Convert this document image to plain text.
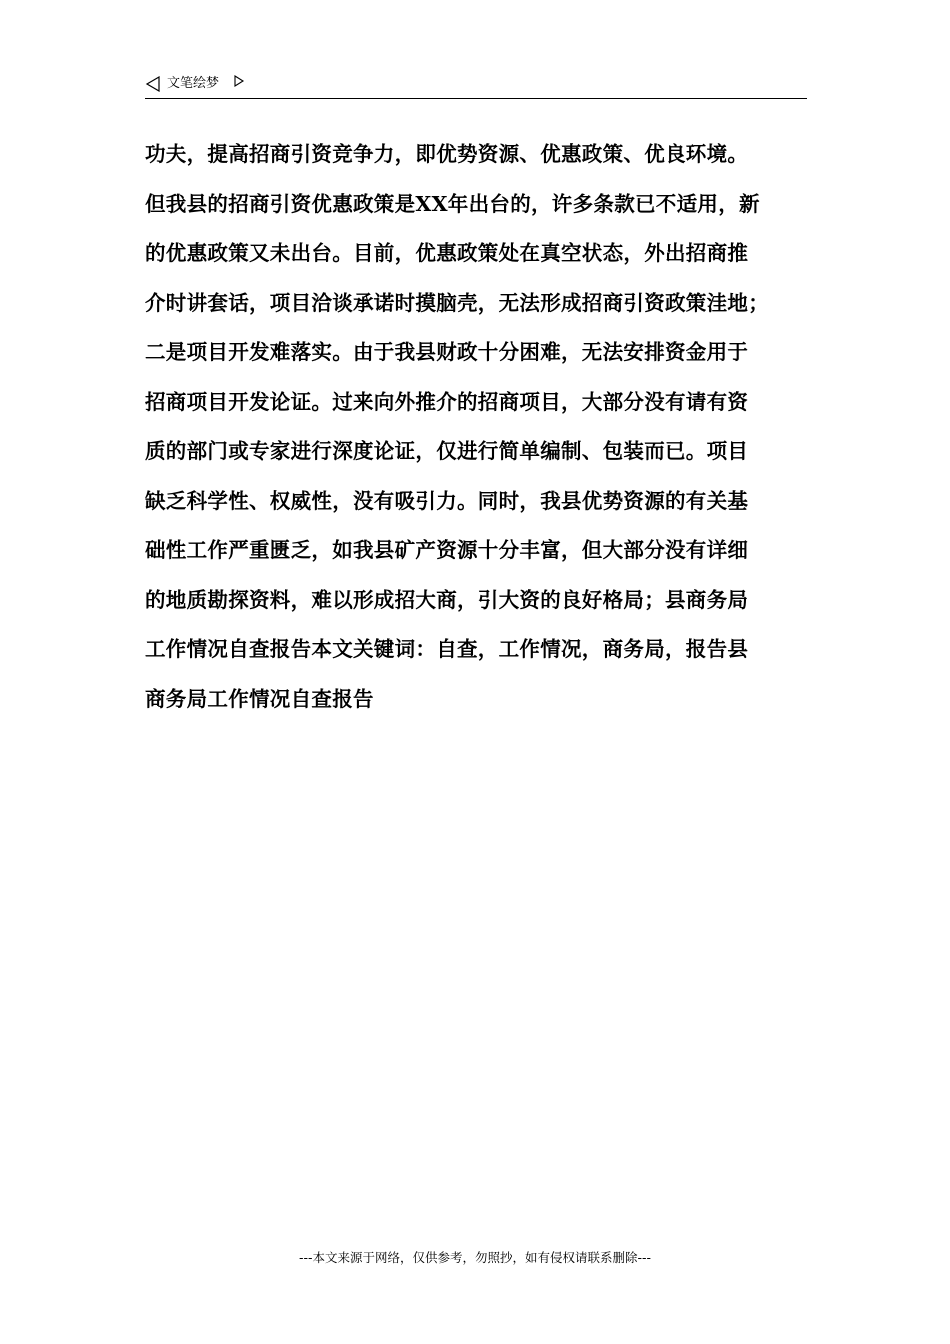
文笔绘梦
功夫，提高招商引资竞争力，即优势资源、优惠政策、优良环境。
但我县的招商引资优惠政策是XX年出台的，许多条款已不适用，新
的优惠政策又未出台。目前，优惠政策处在真空状态，外出招商推
介时讲套话，项目洽谈承诺时摸脑壳，无法形成招商引资政策洼地；
二是项目开发难落实。由于我县财政十分困难，无法安排资金用于
招商项目开发论证。过来向外推介的招商项目，大部分没有请有资
质的部门或专家进行深度论证，仅进行简单编制、包装而已。项目
缺乏科学性、权威性，没有吸引力。同时，我县优势资源的有关基
础性工作严重匮乏，如我县矿产资源十分丰富，但大部分没有详细
的地质勘探资料，难以形成招大商，引大资的良好格局；县商务局
工作情况自查报告本文关键词：自查，工作情况，商务局，报告县
商务局工作情况自查报告
---本文来源于网络，仅供参考，勿照抄，如有侵权请联系删除---
